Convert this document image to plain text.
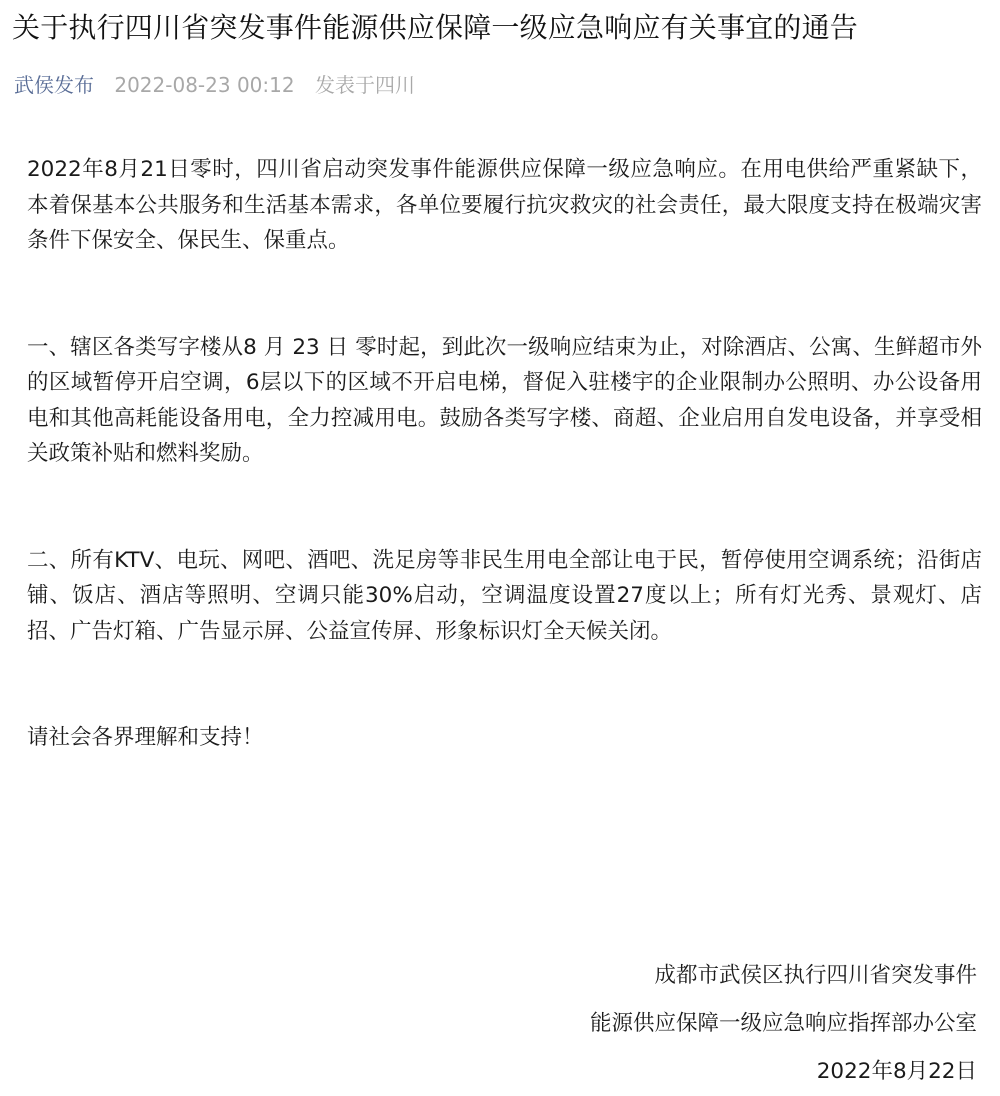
关于执行四川省突发事件能源供应保障一级应急响应有关事宜的通告
武侯发布 2022-08-23 00:12 发表于四川

2022年8月21日零时，四川省启动突发事件能源供应保障一级应急响应。在用电供给严重紧缺下，本着保基本公共服务和生活基本需求，各单位要履行抗灾救灾的社会责任，最大限度支持在极端灾害条件下保安全、保民生、保重点。

一、辖区各类写字楼从8 月 23 日 零时起，到此次一级响应结束为止，对除酒店、公寓、生鲜超市外的区域暂停开启空调，6层以下的区域不开启电梯，督促入驻楼宇的企业限制办公照明、办公设备用电和其他高耗能设备用电，全力控减用电。鼓励各类写字楼、商超、企业启用自发电设备，并享受相关政策补贴和燃料奖励。

二、所有KTV、电玩、网吧、酒吧、洗足房等非民生用电全部让电于民，暂停使用空调系统；沿街店铺、饭店、酒店等照明、空调只能30%启动，空调温度设置27度以上；所有灯光秀、景观灯、店招、广告灯箱、广告显示屏、公益宣传屏、形象标识灯全天候关闭。

请社会各界理解和支持！

成都市武侯区执行四川省突发事件
能源供应保障一级应急响应指挥部办公室
2022年8月22日
